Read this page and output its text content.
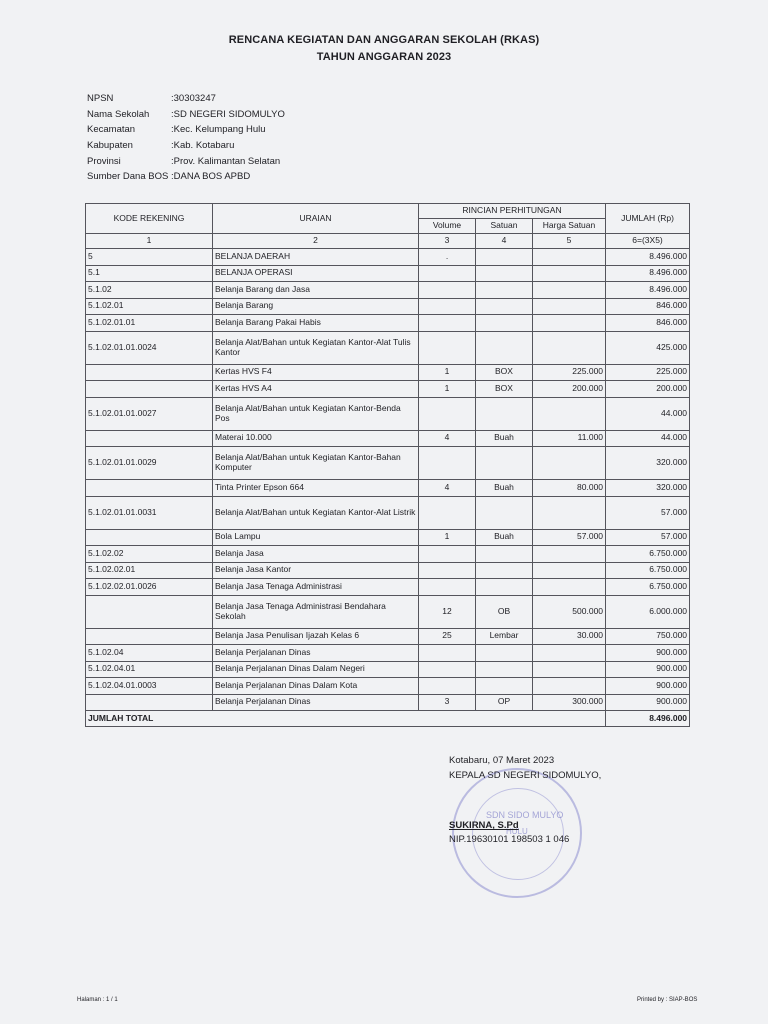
RENCANA KEGIATAN DAN ANGGARAN SEKOLAH (RKAS)
TAHUN ANGGARAN 2023
NPSN	:30303247
Nama Sekolah	:SD NEGERI SIDOMULYO
Kecamatan	:Kec. Kelumpang Hulu
Kabupaten	:Kab. Kotabaru
Provinsi	:Prov. Kalimantan Selatan
Sumber Dana BOS :DANA BOS APBD
KODE REKENING	URAIAN	RINCIAN PERHITUNGAN			JUMLAH (Rp)
		Volume	Satuan	Harga Satuan	
1	2	3	4	5	6=(3X5)
5	BELANJA DAERAH	.			8.496.000
5.1	BELANJA OPERASI				8.496.000
5.1.02	Belanja Barang dan Jasa				8.496.000
5.1.02.01	Belanja Barang				846.000
5.1.02.01.01	Belanja Barang Pakai Habis				846.000
5.1.02.01.01.0024	Belanja Alat/Bahan untuk Kegiatan Kantor-Alat Tulis Kantor				425.000
	Kertas HVS F4	1	BOX	225.000	225.000
	Kertas HVS A4	1	BOX	200.000	200.000
5.1.02.01.01.0027	Belanja Alat/Bahan untuk Kegiatan Kantor-Benda Pos				44.000
	Materai 10.000	4	Buah	11.000	44.000
5.1.02.01.01.0029	Belanja Alat/Bahan untuk Kegiatan Kantor-Bahan Komputer				320.000
	Tinta Printer Epson 664	4	Buah	80.000	320.000
5.1.02.01.01.0031	Belanja Alat/Bahan untuk Kegiatan Kantor-Alat Listrik				57.000
	Bola Lampu	1	Buah	57.000	57.000
5.1.02.02	Belanja Jasa				6.750.000
5.1.02.02.01	Belanja Jasa Kantor				6.750.000
5.1.02.02.01.0026	Belanja Jasa Tenaga Administrasi				6.750.000
	Belanja Jasa Tenaga Administrasi Bendahara Sekolah	12	OB	500.000	6.000.000
	Belanja Jasa Penulisan Ijazah Kelas 6	25	Lembar	30.000	750.000
5.1.02.04	Belanja Perjalanan Dinas				900.000
5.1.02.04.01	Belanja Perjalanan Dinas Dalam Negeri				900.000
5.1.02.04.01.0003	Belanja Perjalanan Dinas Dalam Kota				900.000
	Belanja Perjalanan Dinas	3	OP	300.000	900.000
JUMLAH TOTAL					8.496.000
SDN SIDO MULYO
HULU
Kotabaru, 07 Maret 2023
KEPALA SD NEGERI SIDOMULYO,
SUKIRNA, S.Pd
NIP.19630101 198503 1 046
Halaman : 1 / 1	Printed by : SIAP-BOS
